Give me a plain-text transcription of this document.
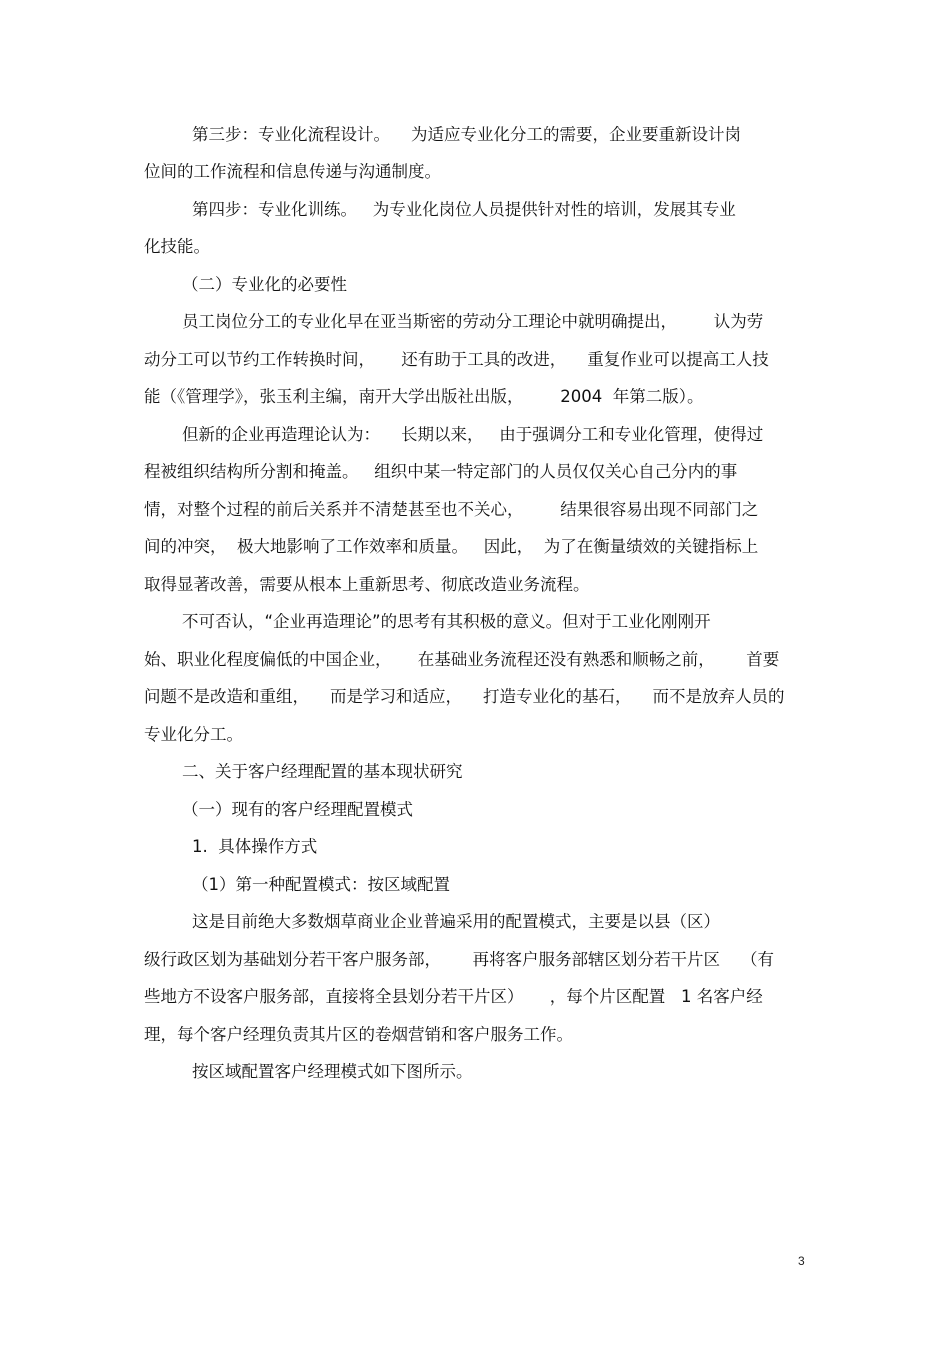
第三步：专业化流程设计。    为适应专业化分工的需要，企业要重新设计岗
位间的工作流程和信息传递与沟通制度。
第四步：专业化训练。   为专业化岗位人员提供针对性的培训，发展其专业
化技能。
（二）专业化的必要性
员工岗位分工的专业化早在亚当斯密的劳动分工理论中就明确提出，       认为劳
动分工可以节约工作转换时间，     还有助于工具的改进，    重复作业可以提高工人技
能（《管理学》，张玉利主编，南开大学出版社出版，       2004  年第二版）。
但新的企业再造理论认为：    长期以来，   由于强调分工和专业化管理，使得过
程被组织结构所分割和掩盖。   组织中某一特定部门的人员仅仅关心自己分内的事
情，对整个过程的前后关系并不清楚甚至也不关心，       结果很容易出现不同部门之
间的冲突，  极大地影响了工作效率和质量。   因此，  为了在衡量绩效的关键指标上
取得显著改善，需要从根本上重新思考、彻底改造业务流程。
不可否认，“企业再造理论”的思考有其积极的意义。但对于工业化刚刚开
始、职业化程度偏低的中国企业，     在基础业务流程还没有熟悉和顺畅之前，      首要
问题不是改造和重组，    而是学习和适应，    打造专业化的基石，    而不是放弃人员的
专业化分工。
二、关于客户经理配置的基本现状研究
（一）现有的客户经理配置模式
1.  具体操作方式
（1）第一种配置模式：按区域配置
这是目前绝大多数烟草商业企业普遍采用的配置模式，主要是以县（区）
级行政区划为基础划分若干客户服务部，      再将客户服务部辖区划分若干片区    （有
些地方不设客户服务部，直接将全县划分若干片区）     ，每个片区配置   1 名客户经
理，每个客户经理负责其片区的卷烟营销和客户服务工作。
按区域配置客户经理模式如下图所示。
3
